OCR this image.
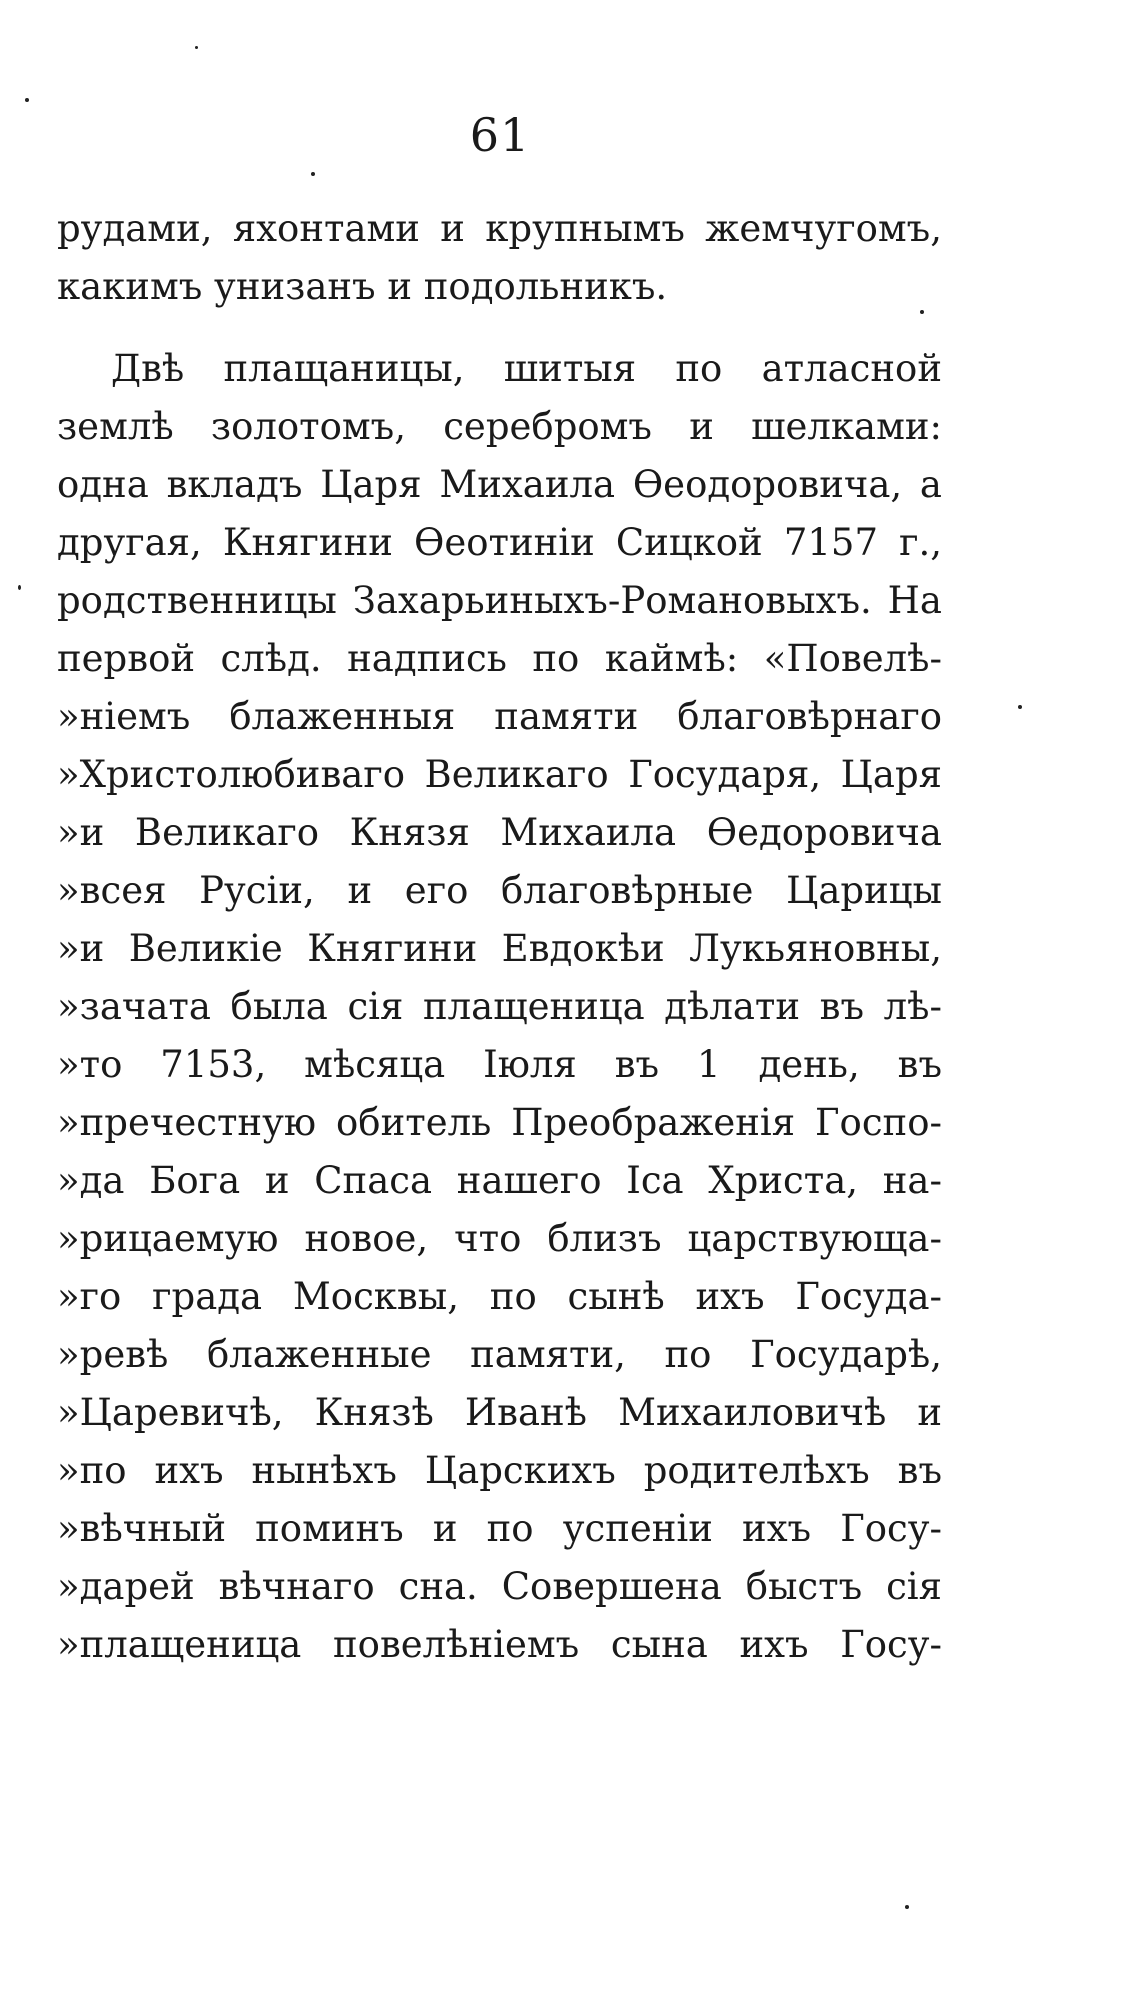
61
рудами, яхонтами и крупнымъ жемчугомъ,
какимъ унизанъ и подольникъ.
Двѣ плащаницы, шитыя по атласной
землѣ золотомъ, серебромъ и шелками:
одна вкладъ Царя Михаила Өеодоровича, а
другая, Княгини Өеотиніи Сицкой 7157 г.,
родственницы Захарьиныхъ-Романовыхъ. На
первой слѣд. надпись по каймѣ: «Повелѣ-
»ніемъ блаженныя памяти благовѣрнаго
»Христолюбиваго Великаго Государя, Царя
»и Великаго Князя Михаила Өедоровича
»всея Русіи, и его благовѣрные Царицы
»и Великіе Княгини Евдокѣи Лукьяновны,
»зачата была сія плащеница дѣлати въ лѣ-
»то 7153, мѣсяца Іюля въ 1 день, въ
»пречестную обитель Преображенія Госпо-
»да Бога и Спаса нашего Іса Христа, на-
»рицаемую новое, что близъ царствующа-
»го града Москвы, по сынѣ ихъ Госуда-
»ревѣ блаженные памяти, по Государѣ,
»Царевичѣ, Князѣ Иванѣ Михаиловичѣ и
»по ихъ нынѣхъ Царскихъ родителѣхъ въ
»вѣчный поминъ и по успеніи ихъ Госу-
»дарей вѣчнаго сна. Совершена быстъ сія
»плащеница повелѣніемъ сына ихъ Госу-
